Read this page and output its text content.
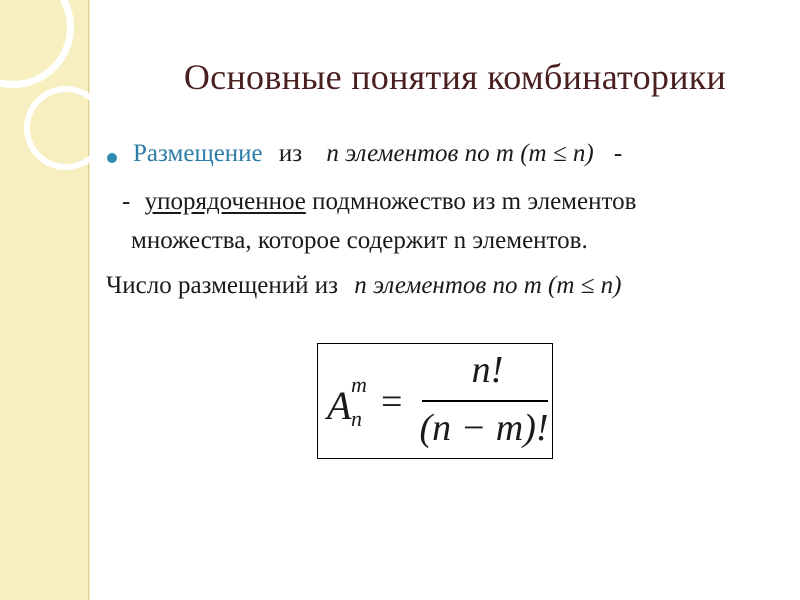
Основные понятия комбинаторики
Размещение из n элементов по m (m ≤ n) -
- упорядоченное подмножество из m элементов
множества, которое содержит n элементов.
Число размещений из n элементов по m (m ≤ n)
A m
n =
n!
(n − m)!
